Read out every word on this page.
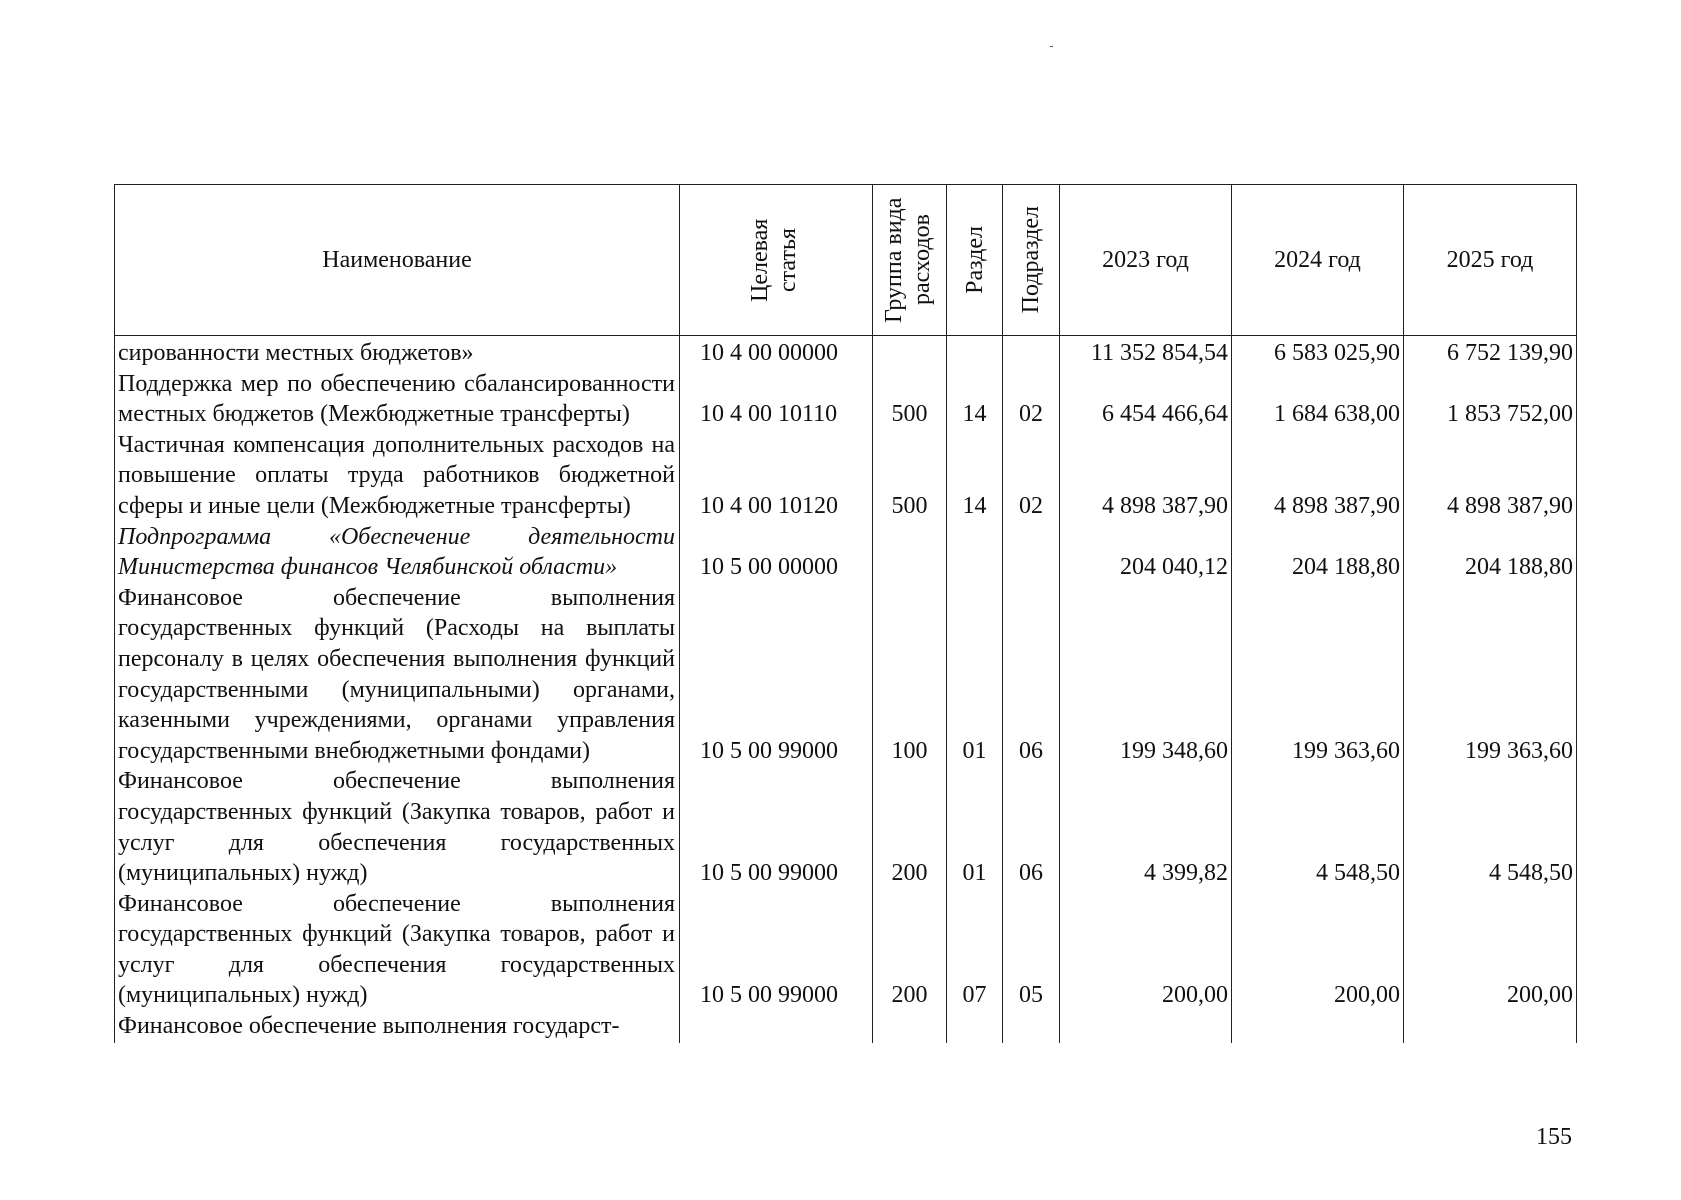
Наименование	Целевая статья	Группа вида расходов	Раздел	Подраздел	2023 год	2024 год	2025 год
сированности местных бюджетов»	10 4 00 00000				11 352 854,54	6 583 025,90	6 752 139,90
Поддержка мер по обеспечению сбалансированности местных бюджетов (Межбюджетные трансферты)	10 4 00 10110	500	14	02	6 454 466,64	1 684 638,00	1 853 752,00
Частичная компенсация дополнительных расходов на повышение оплаты труда работников бюджетной сферы и иные цели (Межбюджетные трансферты)	10 4 00 10120	500	14	02	4 898 387,90	4 898 387,90	4 898 387,90
Подпрограмма «Обеспечение деятельности Министерства финансов Челябинской области»	10 5 00 00000				204 040,12	204 188,80	204 188,80
Финансовое обеспечение выполнения государственных функций (Расходы на выплаты персоналу в целях обеспечения выполнения функций государственными (муниципальными) органами, казенными учреждениями, органами управления государственными внебюджетными фондами)	10 5 00 99000	100	01	06	199 348,60	199 363,60	199 363,60
Финансовое обеспечение выполнения государственных функций (Закупка товаров, работ и услуг для обеспечения государственных (муниципальных) нужд)	10 5 00 99000	200	01	06	4 399,82	4 548,50	4 548,50
Финансовое обеспечение выполнения государственных функций (Закупка товаров, работ и услуг для обеспечения государственных (муниципальных) нужд)	10 5 00 99000	200	07	05	200,00	200,00	200,00
Финансовое обеспечение выполнения государст-							
155
